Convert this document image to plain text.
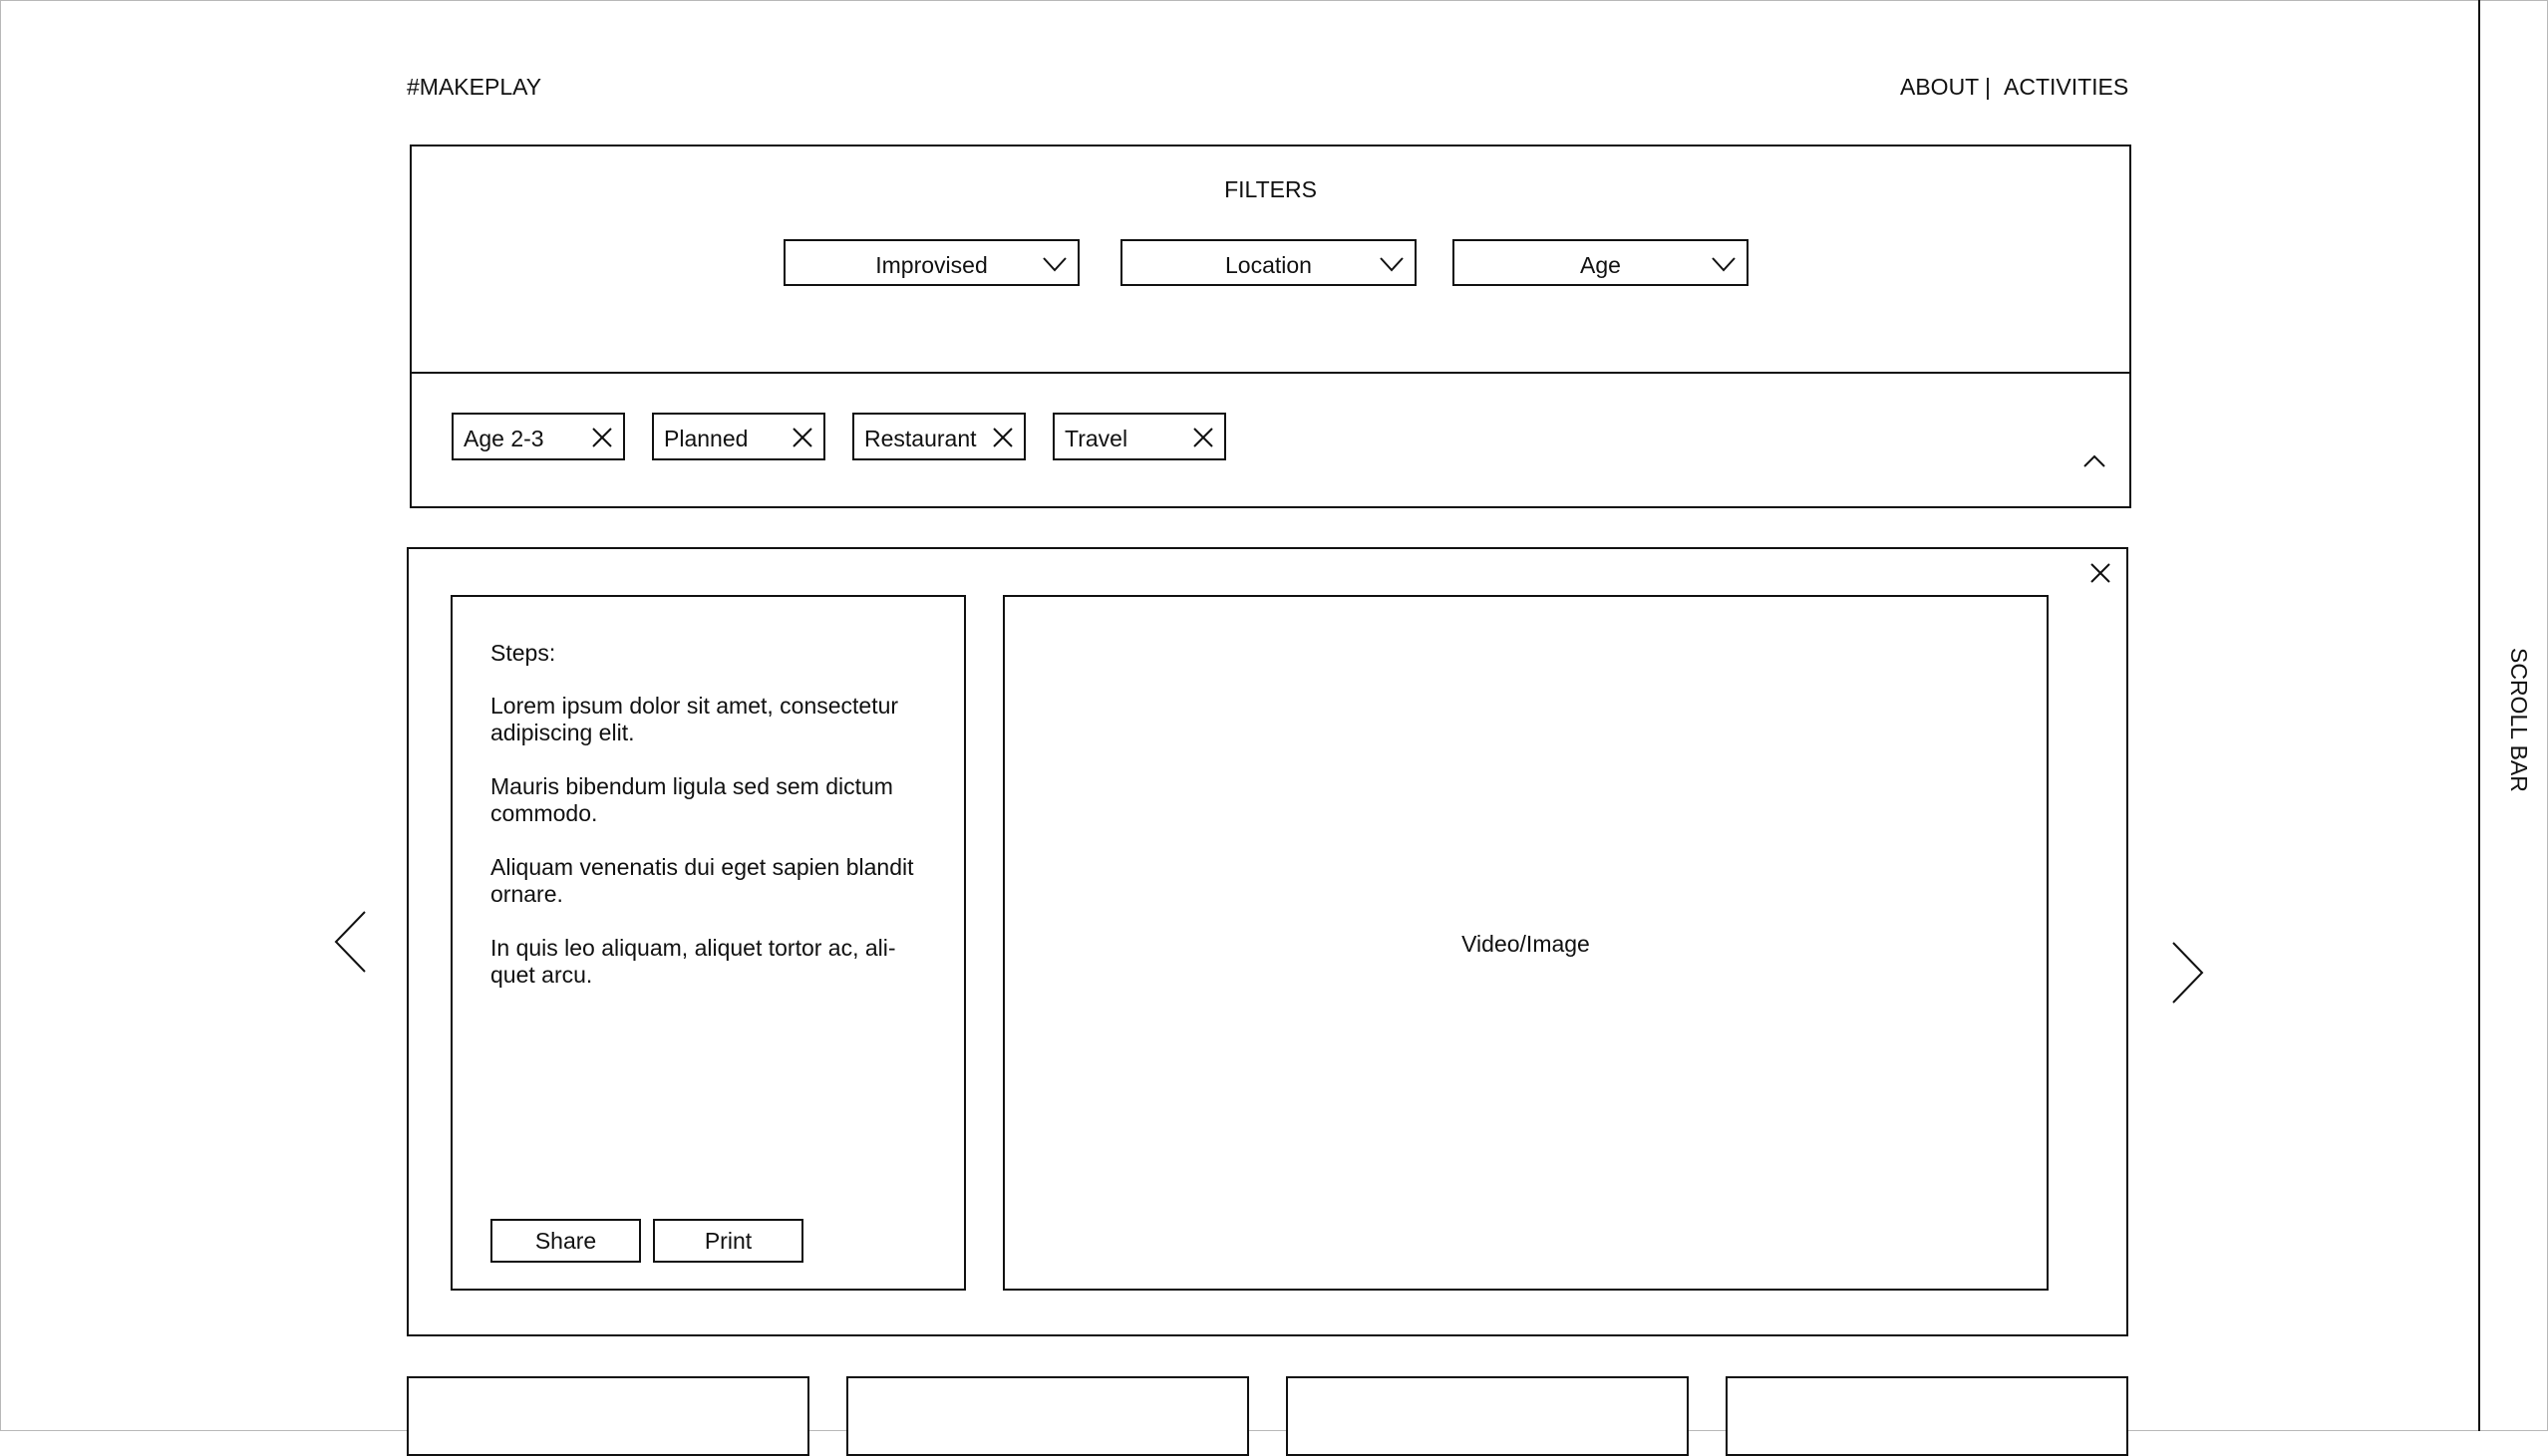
#MAKEPLAY	ABOUT | ACTIVITIES
FILTERS
Improvised	Location	Age
Age 2-3	Planned	Restaurant	Travel
Steps:
Lorem ipsum dolor sit amet, consectetur adipiscing elit.
Mauris bibendum ligula sed sem dictum commodo.
Aliquam venenatis dui eget sapien blandit ornare.
In quis leo aliquam, aliquet tortor ac, ali-quet arcu.
Share	Print
Video/Image
SCROLL BAR
